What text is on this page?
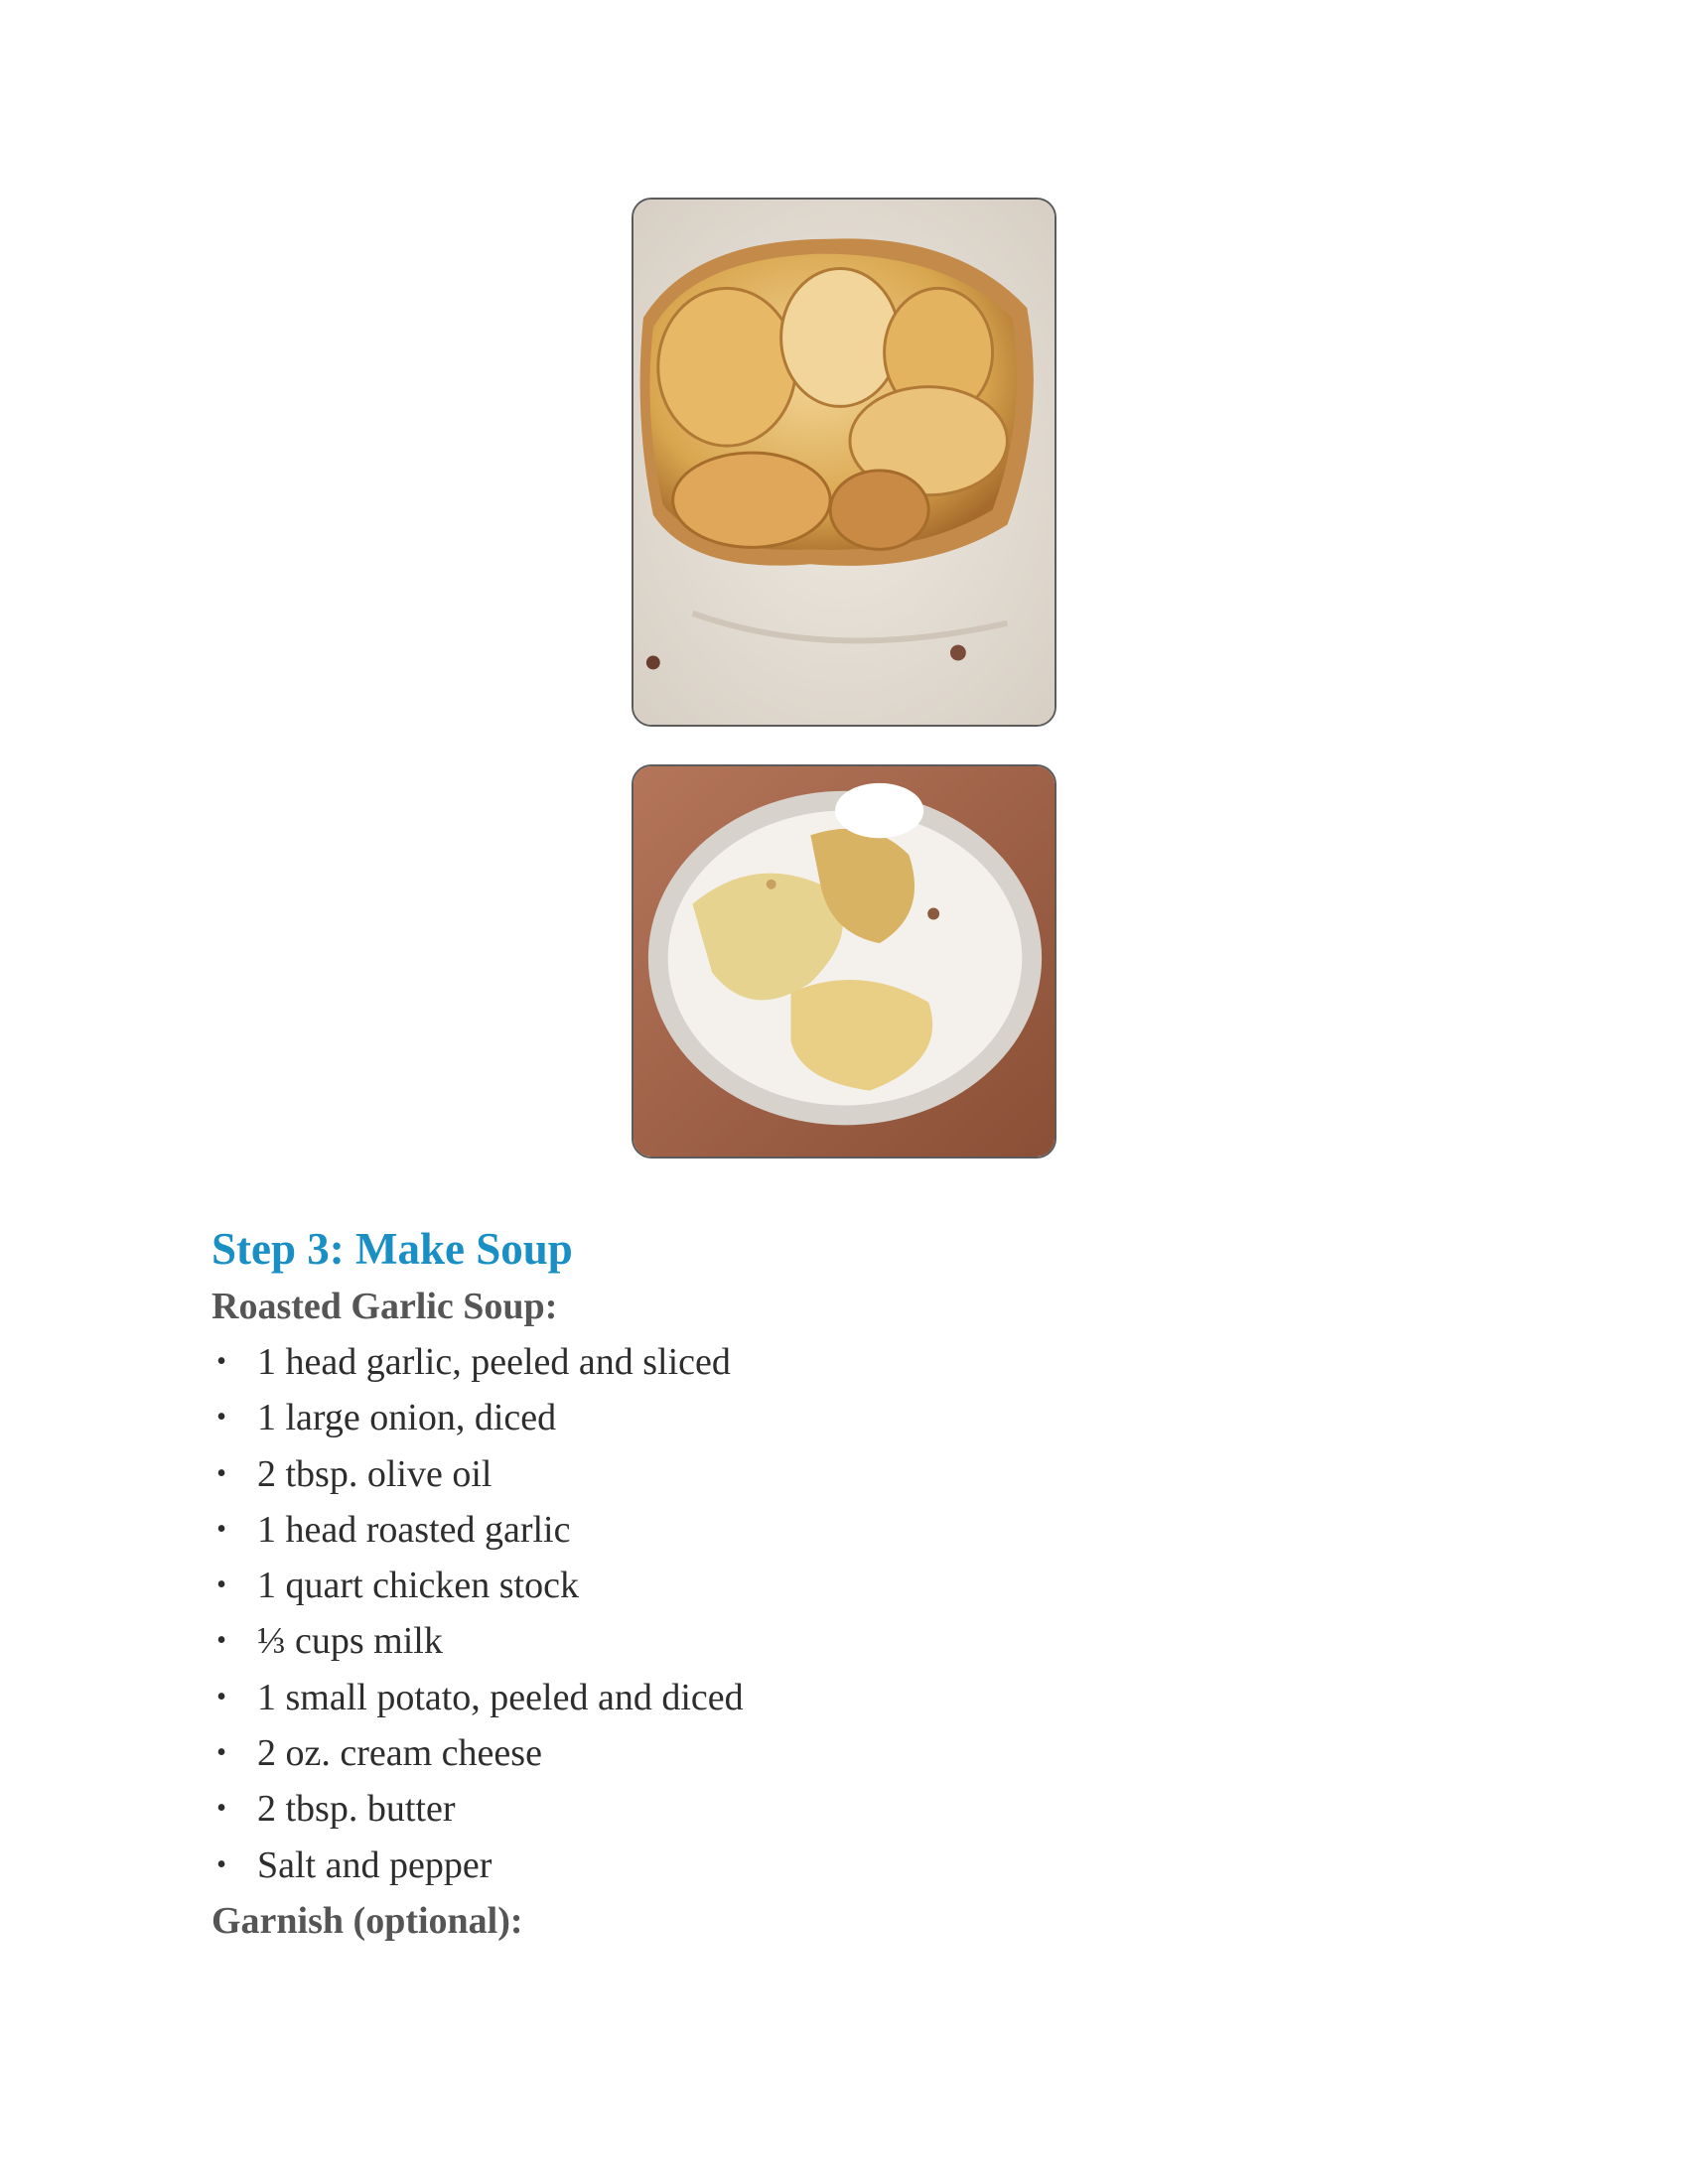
Step 3: Make Soup
Roasted Garlic Soup:
• 1 head garlic, peeled and sliced
• 1 large onion, diced
• 2 tbsp. olive oil
• 1 head roasted garlic
• 1 quart chicken stock
• ⅓ cups milk
• 1 small potato, peeled and diced
• 2 oz. cream cheese
• 2 tbsp. butter
• Salt and pepper
Garnish (optional):
